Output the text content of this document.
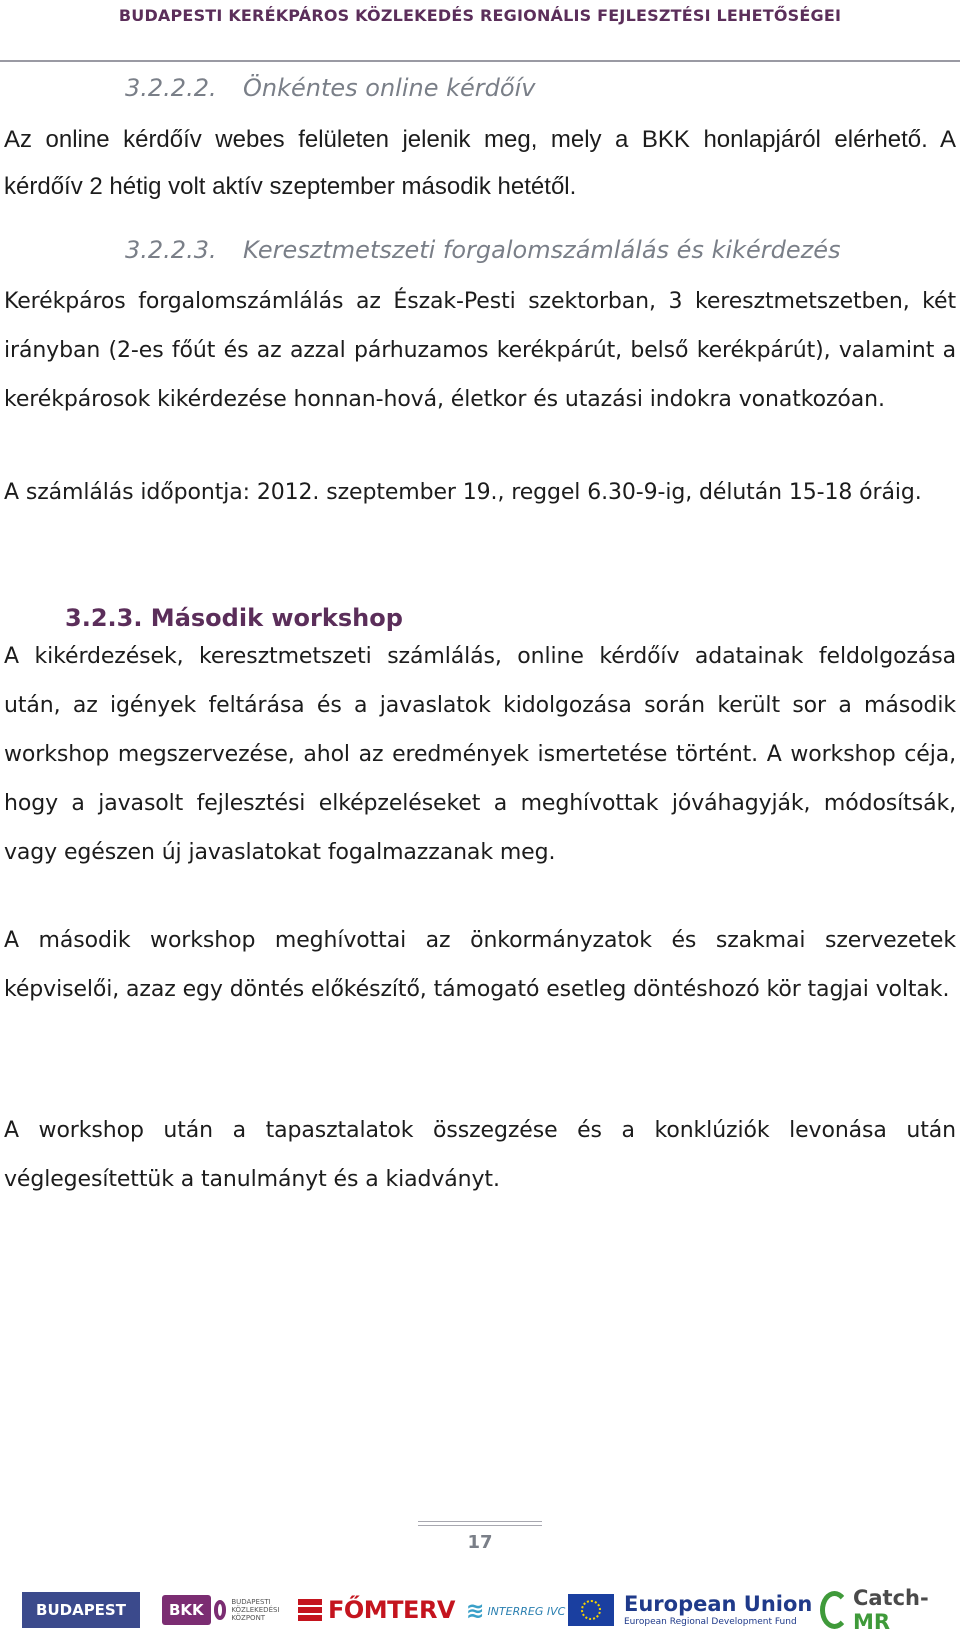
BUDAPESTI KERÉKPÁROS KÖZLEKEDÉS REGIONÁLIS FEJLESZTÉSI LEHETŐSÉGEI
3.2.2.2. Önkéntes online kérdőív
Az online kérdőív webes felületen jelenik meg, mely a BKK honlapjáról elérhető. A kérdőív 2 hétig volt aktív szeptember második hetétől.
3.2.2.3. Keresztmetszeti forgalomszámlálás és kikérdezés
Kerékpáros forgalomszámlálás az Észak-Pesti szektorban, 3 keresztmetszetben, két irányban (2-es főút és az azzal párhuzamos kerékpárút, belső kerékpárút), valamint a kerékpárosok kikérdezése honnan-hová, életkor és utazási indokra vonatkozóan.
A számlálás időpontja: 2012. szeptember 19., reggel 6.30-9-ig, délután 15-18 óráig.
3.2.3. Második workshop
A kikérdezések, keresztmetszeti számlálás, online kérdőív adatainak feldolgozása után, az igények feltárása és a javaslatok kidolgozása során került sor a második workshop megszervezése, ahol az eredmények ismertetése történt. A workshop céja, hogy a javasolt fejlesztési elképzeléseket a meghívottak jóváhagyják, módosítsák, vagy egészen új javaslatokat fogalmazzanak meg.
A második workshop meghívottai az önkormányzatok és szakmai szervezetek képviselői, azaz egy döntés előkészítő, támogató esetleg döntéshozó kör tagjai voltak.
A workshop után a tapasztalatok összegzése és a konklúziók levonása után véglegesítettük a tanulmányt és a kiadványt.
17
BUDAPEST	BKK	BUDAPESTI KÖZLEKEDÉSI KÖZPONT	FŐMTERV ≋ INTERREG IVC	European Union
European Regional Development Fund
Catch-MR
